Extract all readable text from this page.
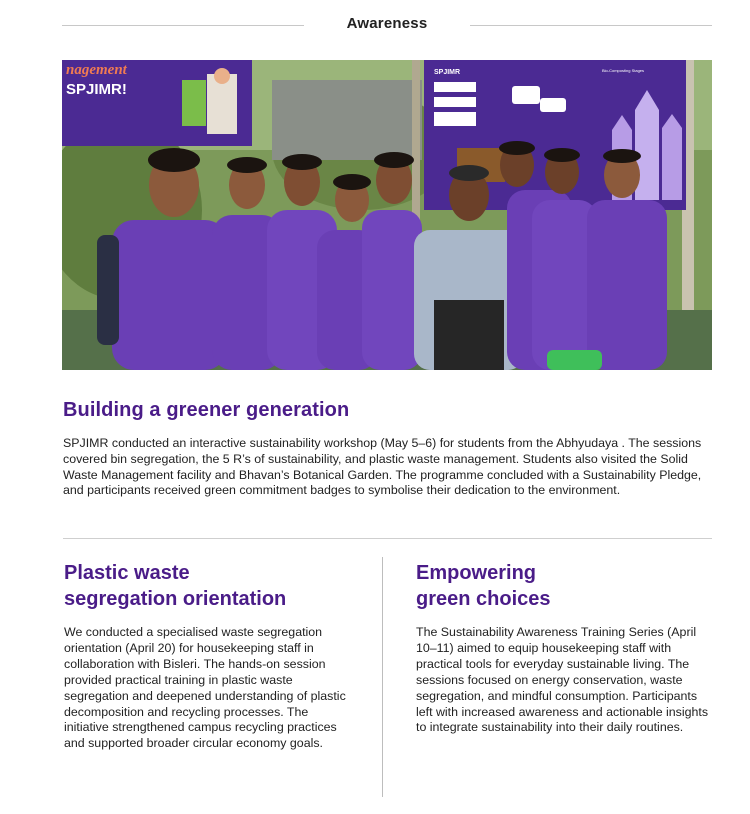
Awareness
nagement
SPJIMR!
SPJIMR	Bio-Composting Stages
Building a greener generation

SPJIMR conducted an interactive sustainability workshop (May 5–6) for students from the Abhyudaya . The sessions covered bin segregation, the 5 R’s of sustainability, and plastic waste management. Students also visited the Solid Waste Management facility and Bhavan’s Botanical Garden. The programme concluded with a Sustainability Pledge, and participants received green commitment badges to symbolise their dedication to the environment.

Plastic waste
segregation orientation

We conducted a specialised waste segregation orientation (April 20) for housekeeping staff in collaboration with Bisleri. The hands-on session provided practical training in plastic waste segregation and deepened understanding of plastic decomposition and recycling processes. The initiative strengthened campus recycling practices and supported broader circular economy goals.

Empowering
green choices

The Sustainability Awareness Training Series (April 10–11) aimed to equip housekeeping staff with practical tools for everyday sustainable living. The sessions focused on energy conservation, waste segregation, and mindful consumption. Participants left with increased awareness and actionable insights to integrate sustainability into their daily routines.
